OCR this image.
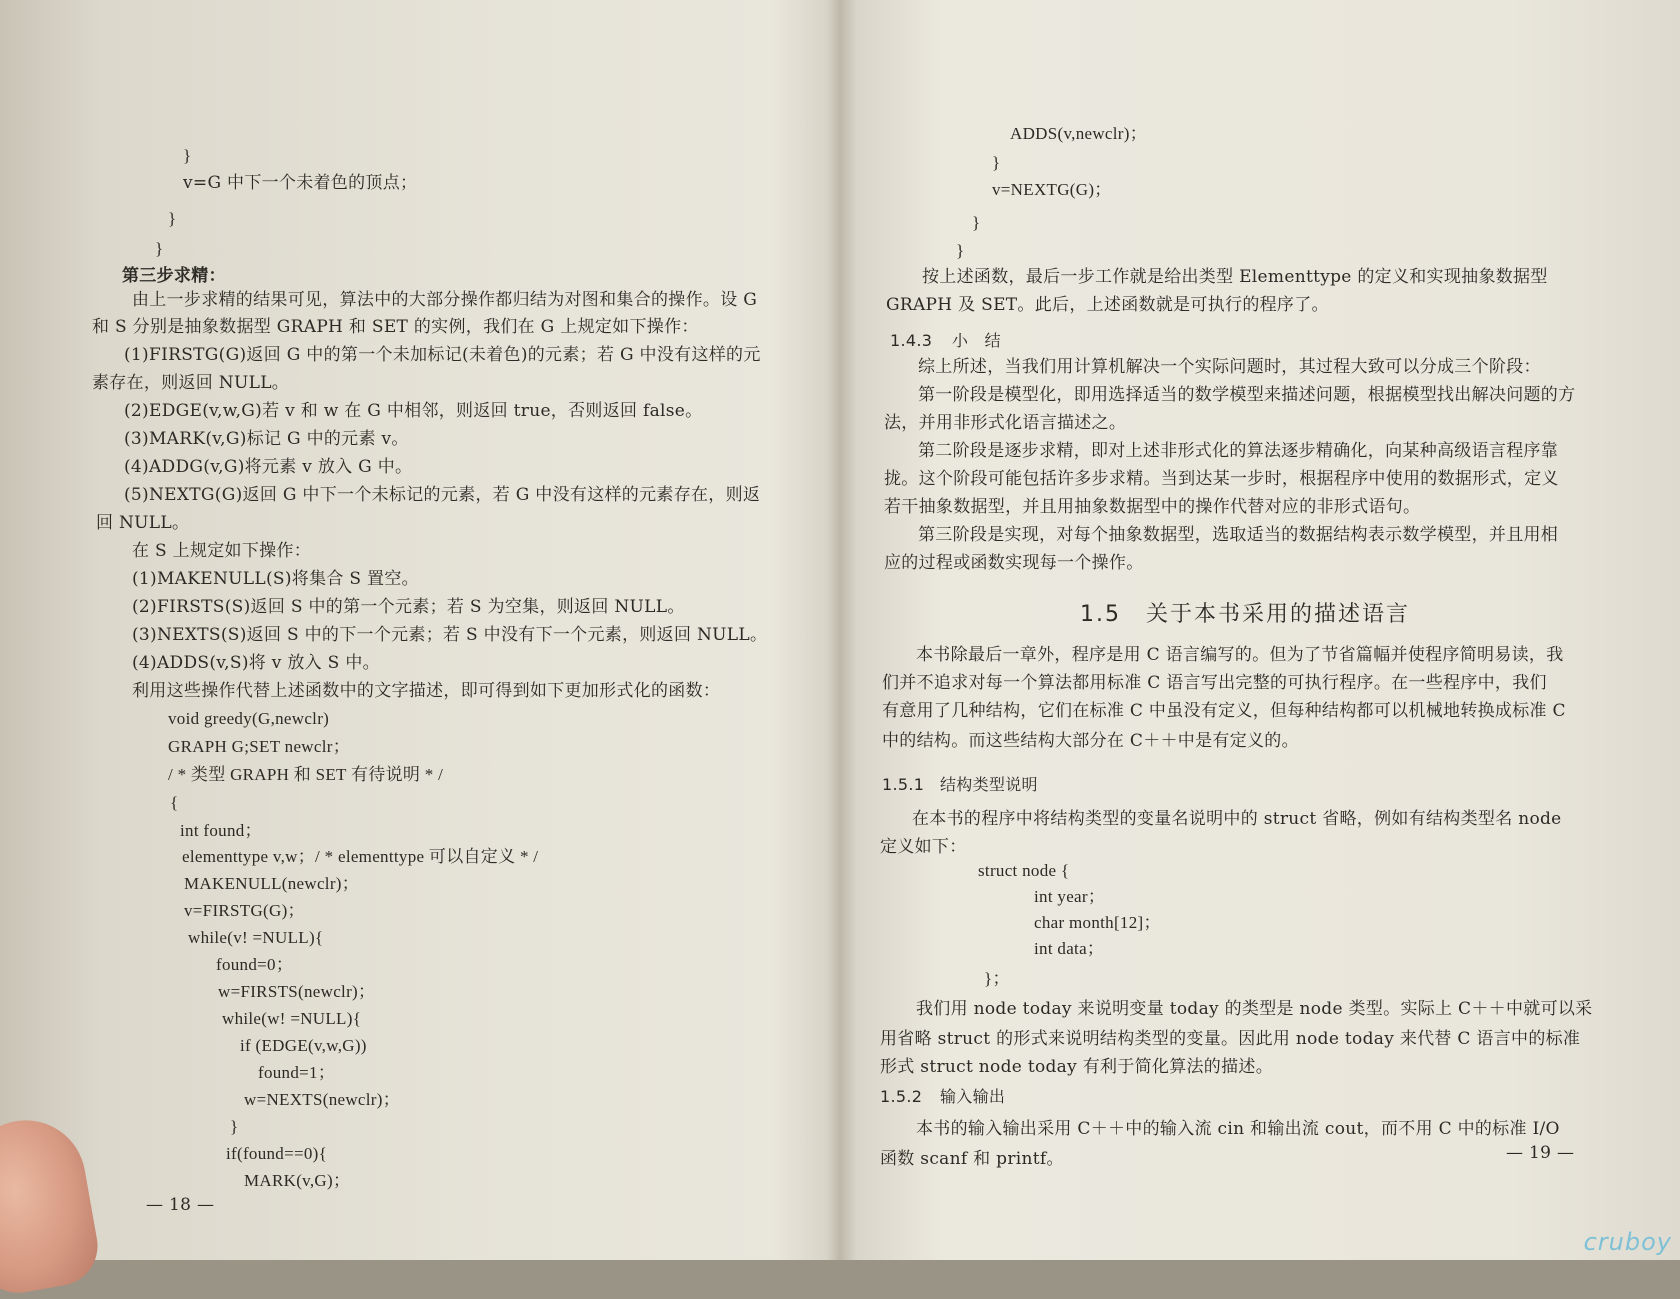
}
v=G 中下一个未着色的顶点；
}
}
第三步求精：
由上一步求精的结果可见，算法中的大部分操作都归结为对图和集合的操作。设 G
和 S 分别是抽象数据型 GRAPH 和 SET 的实例，我们在 G 上规定如下操作：
(1)FIRSTG(G)返回 G 中的第一个未加标记(未着色)的元素；若 G 中没有这样的元
素存在，则返回 NULL。
(2)EDGE(v,w,G)若 v 和 w 在 G 中相邻，则返回 true，否则返回 false。
(3)MARK(v,G)标记 G 中的元素 v。
(4)ADDG(v,G)将元素 v 放入 G 中。
(5)NEXTG(G)返回 G 中下一个未标记的元素，若 G 中没有这样的元素存在，则返
回 NULL。
在 S 上规定如下操作：
(1)MAKENULL(S)将集合 S 置空。
(2)FIRSTS(S)返回 S 中的第一个元素；若 S 为空集，则返回 NULL。
(3)NEXTS(S)返回 S 中的下一个元素；若 S 中没有下一个元素，则返回 NULL。
(4)ADDS(v,S)将 v 放入 S 中。
利用这些操作代替上述函数中的文字描述，即可得到如下更加形式化的函数：
void greedy(G,newclr)
GRAPH G;SET newclr；
/ * 类型 GRAPH 和 SET 有待说明 * /
{
int found；
elementtype v,w；/ * elementtype 可以自定义 * /
MAKENULL(newclr)；
v=FIRSTG(G)；
while(v! =NULL){
found=0；
w=FIRSTS(newclr)；
while(w! =NULL){
if (EDGE(v,w,G))
found=1；
w=NEXTS(newclr)；
}
if(found==0){
MARK(v,G)；
— 18 —
ADDS(v,newclr)；
}
v=NEXTG(G)；
}
}
按上述函数，最后一步工作就是给出类型 Elementtype 的定义和实现抽象数据型
GRAPH 及 SET。此后，上述函数就是可执行的程序了。
1.4.3 小　结
综上所述，当我们用计算机解决一个实际问题时，其过程大致可以分成三个阶段：
第一阶段是模型化，即用选择适当的数学模型来描述问题，根据模型找出解决问题的方
法，并用非形式化语言描述之。
第二阶段是逐步求精，即对上述非形式化的算法逐步精确化，向某种高级语言程序靠
拢。这个阶段可能包括许多步求精。当到达某一步时，根据程序中使用的数据形式，定义
若干抽象数据型，并且用抽象数据型中的操作代替对应的非形式语句。
第三阶段是实现，对每个抽象数据型，选取适当的数据结构表示数学模型，并且用相
应的过程或函数实现每一个操作。
1.5 关于本书采用的描述语言
本书除最后一章外，程序是用 C 语言编写的。但为了节省篇幅并使程序简明易读，我
们并不追求对每一个算法都用标准 C 语言写出完整的可执行程序。在一些程序中，我们
有意用了几种结构，它们在标准 C 中虽没有定义，但每种结构都可以机械地转换成标准 C
中的结构。而这些结构大部分在 C＋＋中是有定义的。
1.5.1 结构类型说明
在本书的程序中将结构类型的变量名说明中的 struct 省略，例如有结构类型名 node
定义如下：
struct node {
int year；
char month[12]；
int data；
}；
我们用 node today 来说明变量 today 的类型是 node 类型。实际上 C＋＋中就可以采
用省略 struct 的形式来说明结构类型的变量。因此用 node today 来代替 C 语言中的标准
形式 struct node today 有利于简化算法的描述。
1.5.2 输入输出
本书的输入输出采用 C＋＋中的输入流 cin 和输出流 cout，而不用 C 中的标准 I/O
函数 scanf 和 printf。	— 19 —
cruboy
